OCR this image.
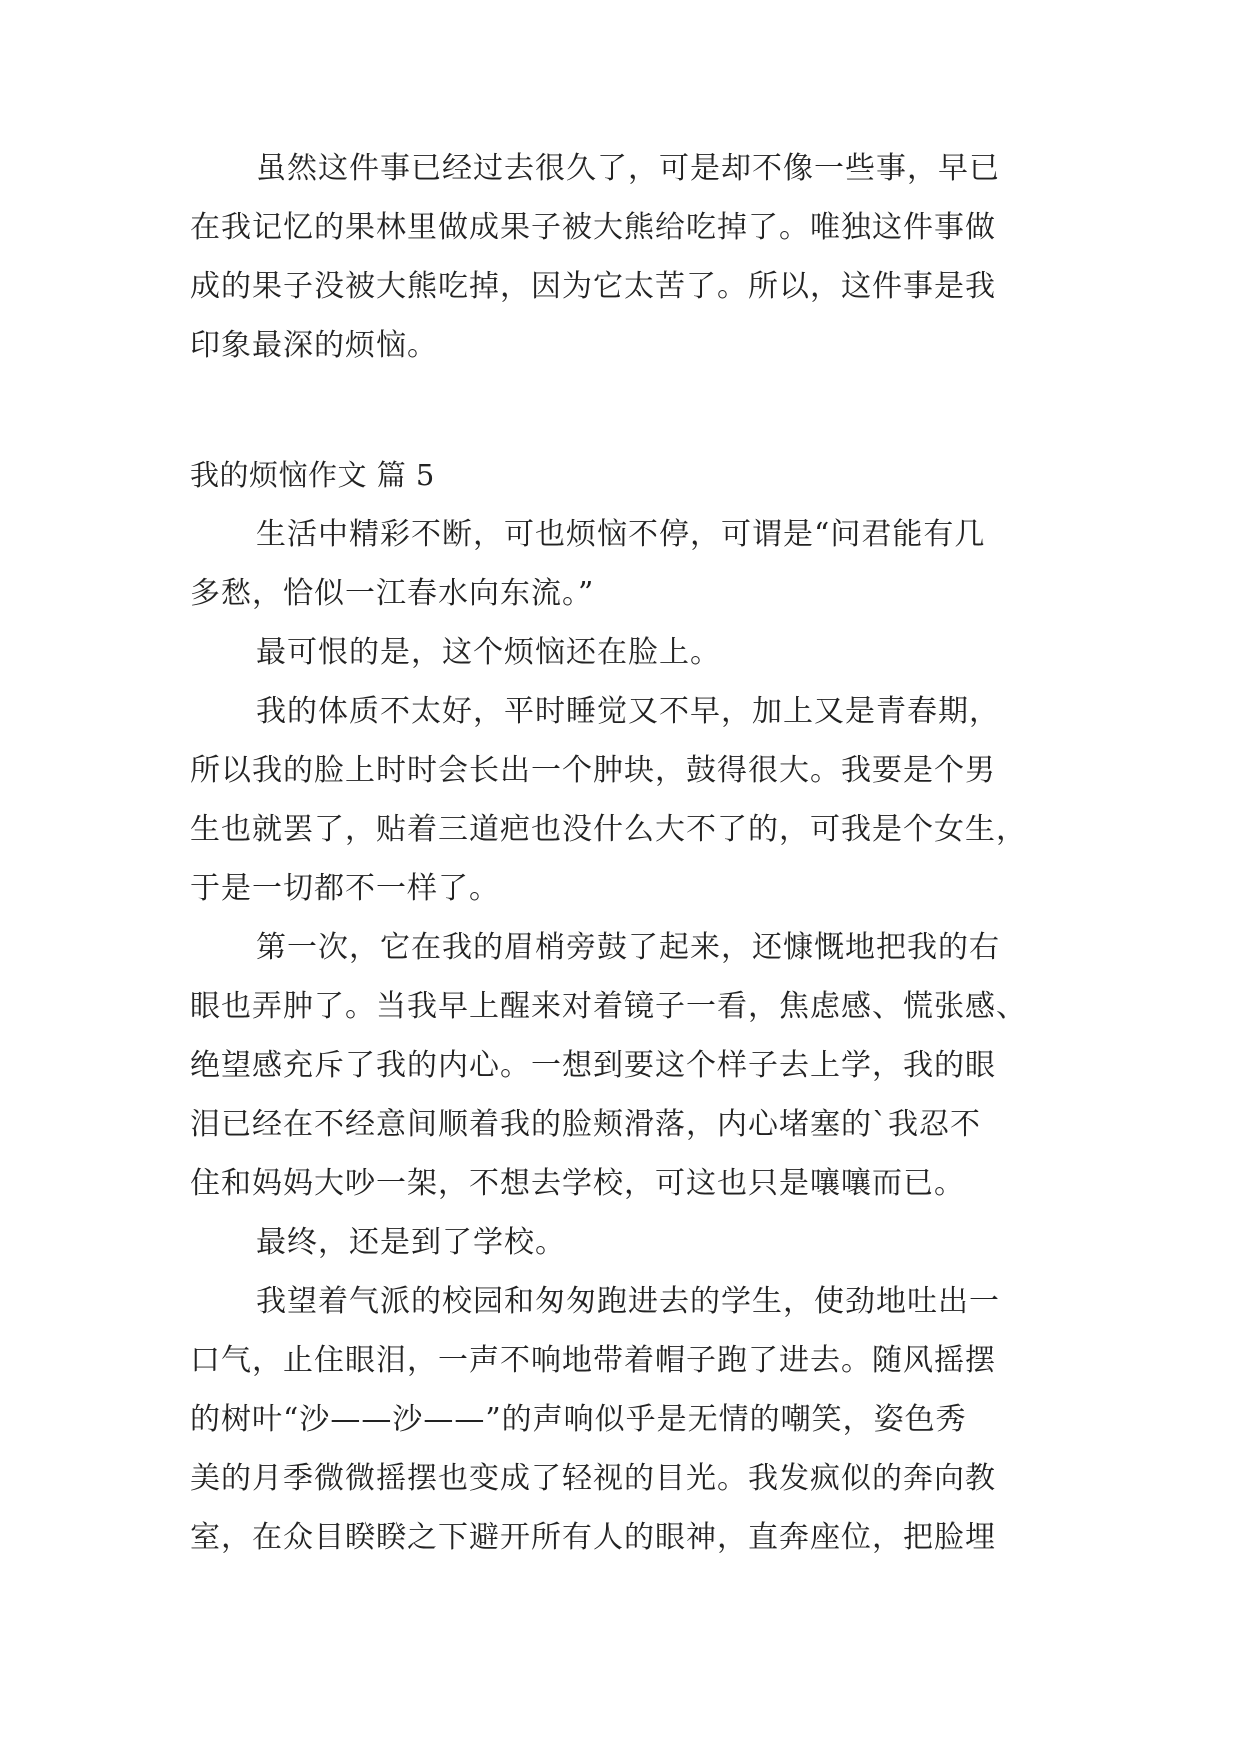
虽然这件事已经过去很久了，可是却不像一些事，早已
在我记忆的果林里做成果子被大熊给吃掉了。唯独这件事做
成的果子没被大熊吃掉，因为它太苦了。所以，这件事是我
印象最深的烦恼。
我的烦恼作文 篇 5
生活中精彩不断，可也烦恼不停，可谓是“问君能有几
多愁，恰似一江春水向东流。”
最可恨的是，这个烦恼还在脸上。
我的体质不太好，平时睡觉又不早，加上又是青春期，
所以我的脸上时时会长出一个肿块，鼓得很大。我要是个男
生也就罢了，贴着三道疤也没什么大不了的，可我是个女生，
于是一切都不一样了。
第一次，它在我的眉梢旁鼓了起来，还慷慨地把我的右
眼也弄肿了。当我早上醒来对着镜子一看，焦虑感、慌张感、
绝望感充斥了我的内心。一想到要这个样子去上学，我的眼
泪已经在不经意间顺着我的脸颊滑落，内心堵塞的`我忍不
住和妈妈大吵一架，不想去学校，可这也只是嚷嚷而已。
最终，还是到了学校。
我望着气派的校园和匆匆跑进去的学生，使劲地吐出一
口气，止住眼泪，一声不响地带着帽子跑了进去。随风摇摆
的树叶“沙——沙——”的声响似乎是无情的嘲笑，姿色秀
美的月季微微摇摆也变成了轻视的目光。我发疯似的奔向教
室，在众目睽睽之下避开所有人的眼神，直奔座位，把脸埋
